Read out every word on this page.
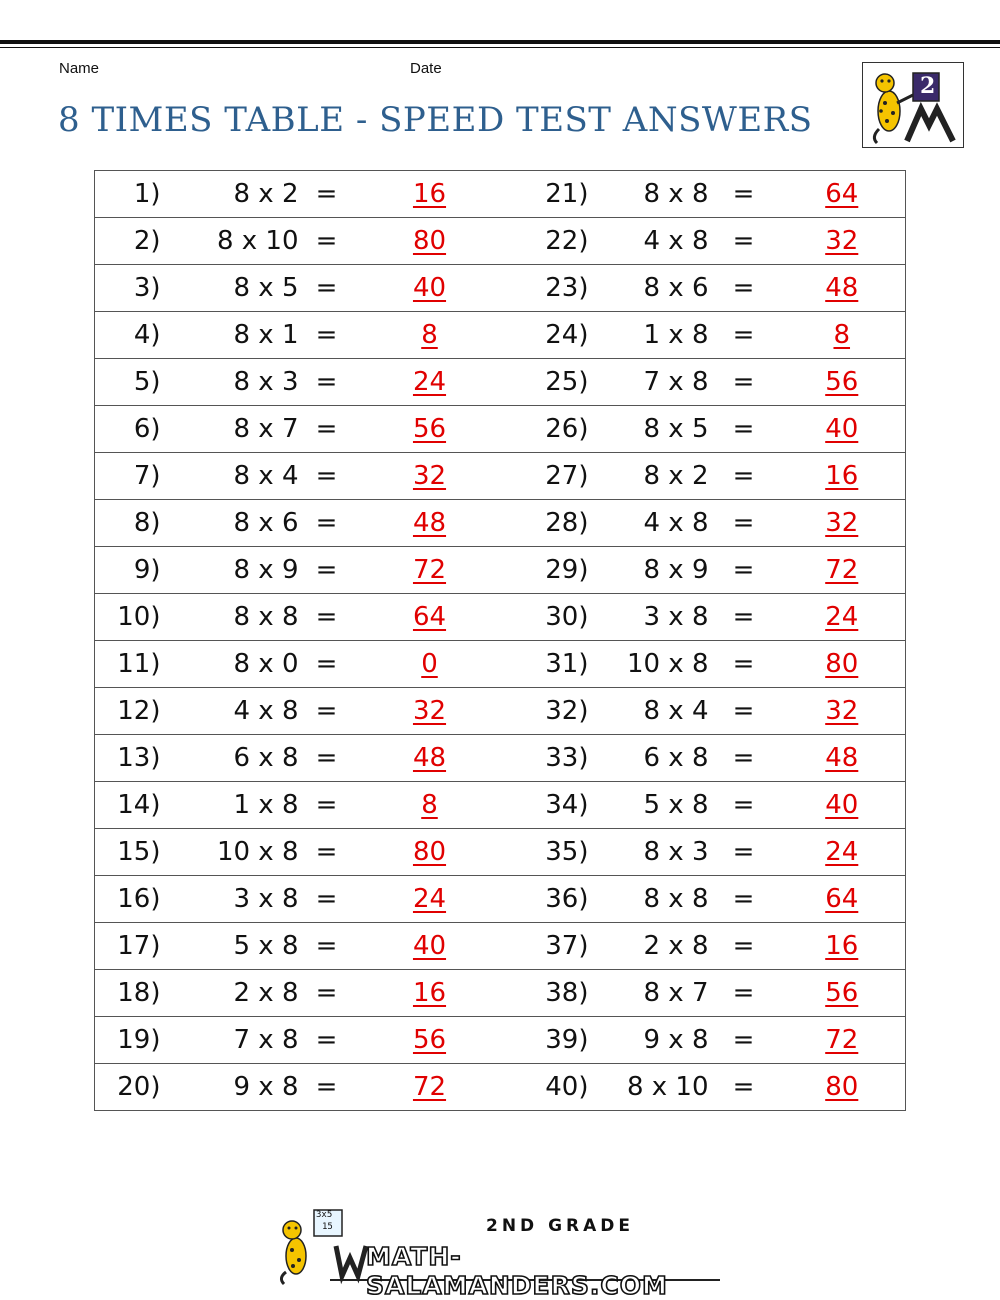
Name	Date
8 TIMES TABLE - SPEED TEST ANSWERS
2
1)	8 x 2	=	16	21)	8 x 8	=	64
2)	8 x 10	=	80	22)	4 x 8	=	32
3)	8 x 5	=	40	23)	8 x 6	=	48
4)	8 x 1	=	8	24)	1 x 8	=	8
5)	8 x 3	=	24	25)	7 x 8	=	56
6)	8 x 7	=	56	26)	8 x 5	=	40
7)	8 x 4	=	32	27)	8 x 2	=	16
8)	8 x 6	=	48	28)	4 x 8	=	32
9)	8 x 9	=	72	29)	8 x 9	=	72
10)	8 x 8	=	64	30)	3 x 8	=	24
11)	8 x 0	=	0	31)	10 x 8	=	80
12)	4 x 8	=	32	32)	8 x 4	=	32
13)	6 x 8	=	48	33)	6 x 8	=	48
14)	1 x 8	=	8	34)	5 x 8	=	40
15)	10 x 8	=	80	35)	8 x 3	=	24
16)	3 x 8	=	24	36)	8 x 8	=	64
17)	5 x 8	=	40	37)	2 x 8	=	16
18)	2 x 8	=	16	38)	8 x 7	=	56
19)	7 x 8	=	56	39)	9 x 8	=	72
20)	9 x 8	=	72	40)	8 x 10	=	80
3x5
15	2ND GRADE
MATH-SALAMANDERS.COM
